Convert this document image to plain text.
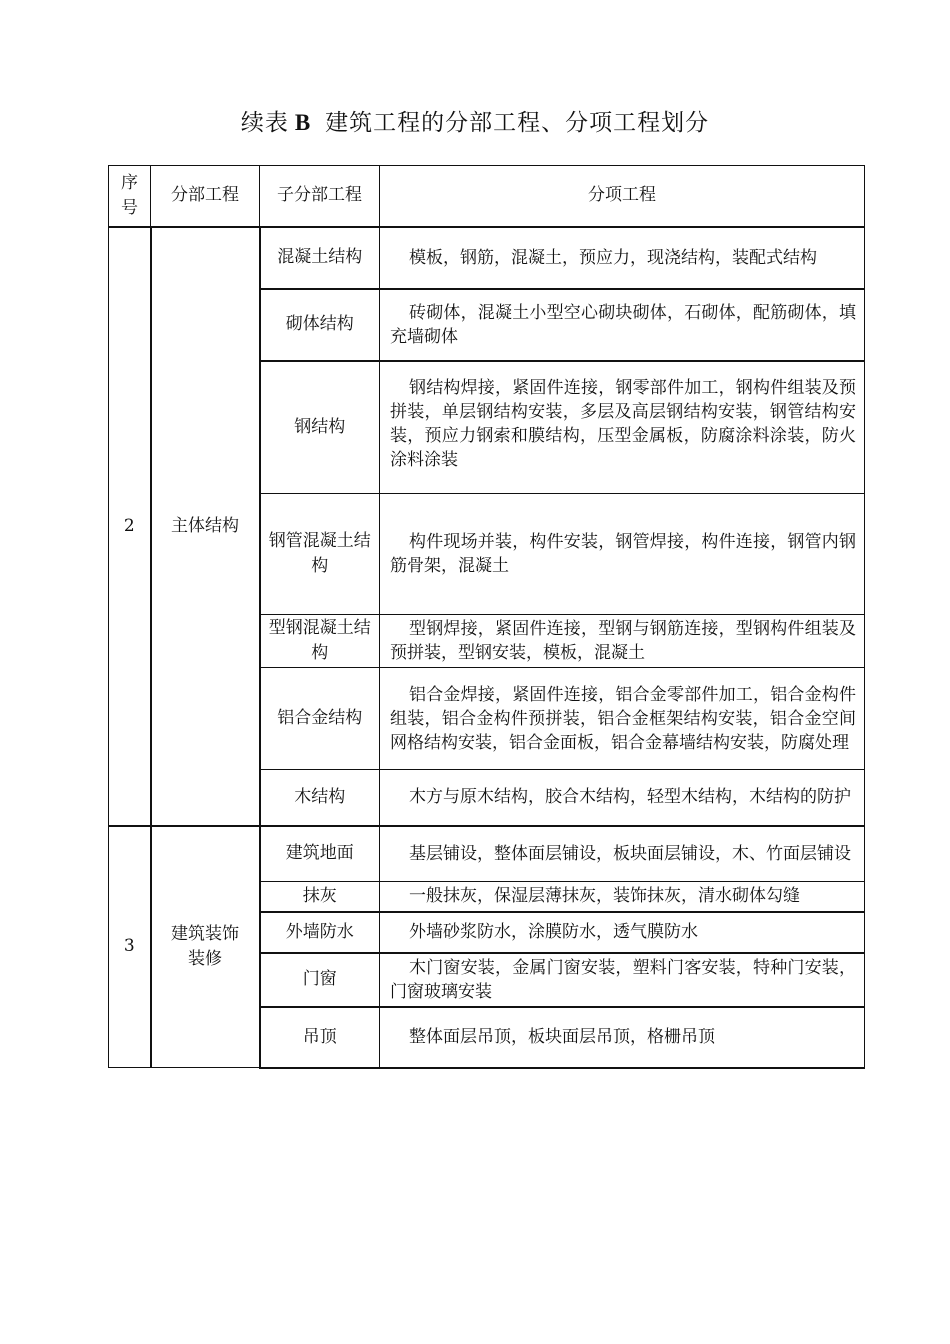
续表 B 建筑工程的分部工程、分项工程划分
序号	分部工程	子分部工程	分项工程
2	主体结构	混凝土结构	模板，钢筋，混凝土，预应力，现浇结构，装配式结构
		砌体结构	砖砌体，混凝土小型空心砌块砌体，石砌体，配筋砌体，填充墙砌体
		钢结构	钢结构焊接，紧固件连接，钢零部件加工，钢构件组装及预拼装，单层钢结构安装，多层及高层钢结构安装，钢管结构安装，预应力钢索和膜结构，压型金属板，防腐涂料涂装，防火涂料涂装
		钢管混凝土结构	构件现场并装，构件安装，钢管焊接，构件连接，钢管内钢筋骨架，混凝土
		型钢混凝土结构	型钢焊接，紧固件连接，型钢与钢筋连接，型钢构件组装及预拼装，型钢安装，模板，混凝土
		铝合金结构	铝合金焊接，紧固件连接，铝合金零部件加工，铝合金构件组装，铝合金构件预拼装，铝合金框架结构安装，铝合金空间网格结构安装，铝合金面板，铝合金幕墙结构安装，防腐处理
		木结构	木方与原木结构，胶合木结构，轻型木结构，木结构的防护
3	建筑装饰装修	建筑地面	基层铺设，整体面层铺设，板块面层铺设，木、竹面层铺设
		抹灰	一般抹灰，保湿层薄抹灰，装饰抹灰，清水砌体勾缝
		外墙防水	外墙砂浆防水，涂膜防水，透气膜防水
		门窗	木门窗安装，金属门窗安装，塑料门客安装，特种门安装，门窗玻璃安装
		吊顶	整体面层吊顶，板块面层吊顶，格栅吊顶
